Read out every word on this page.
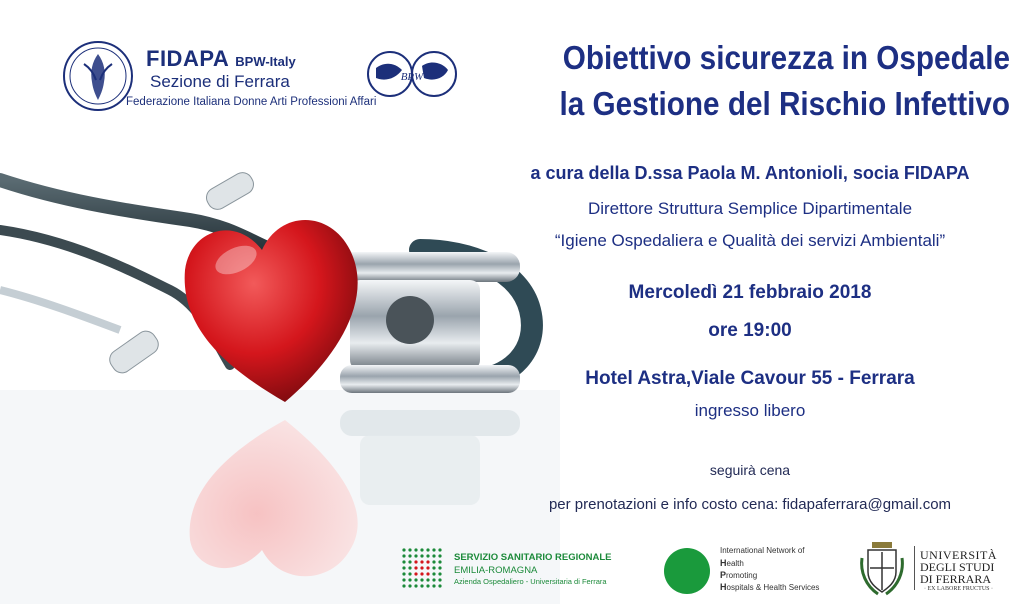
FIDAPA BPW-Italy
Sezione di Ferrara
Federazione Italiana Donne Arti Professioni Affari
BPW
Obiettivo sicurezza in Ospedale
la Gestione del Rischio Infettivo
a cura della D.ssa Paola M. Antonioli, socia FIDAPA
Direttore Struttura Semplice Dipartimentale
“Igiene Ospedaliera e Qualità dei servizi Ambientali”
Mercoledì 21 febbraio 2018
ore 19:00
Hotel Astra,Viale Cavour 55 - Ferrara
ingresso libero
seguirà cena
per prenotazioni e info costo cena: fidapaferrara@gmail.com
SERVIZIO SANITARIO REGIONALE
EMILIA-ROMAGNA
Azienda Ospedaliero - Universitaria di Ferrara
International Network of
Health
Promoting
Hospitals & Health Services
UNIVERSITÀ
DEGLI STUDI
DI FERRARA
· EX LABORE FRUCTUS ·
